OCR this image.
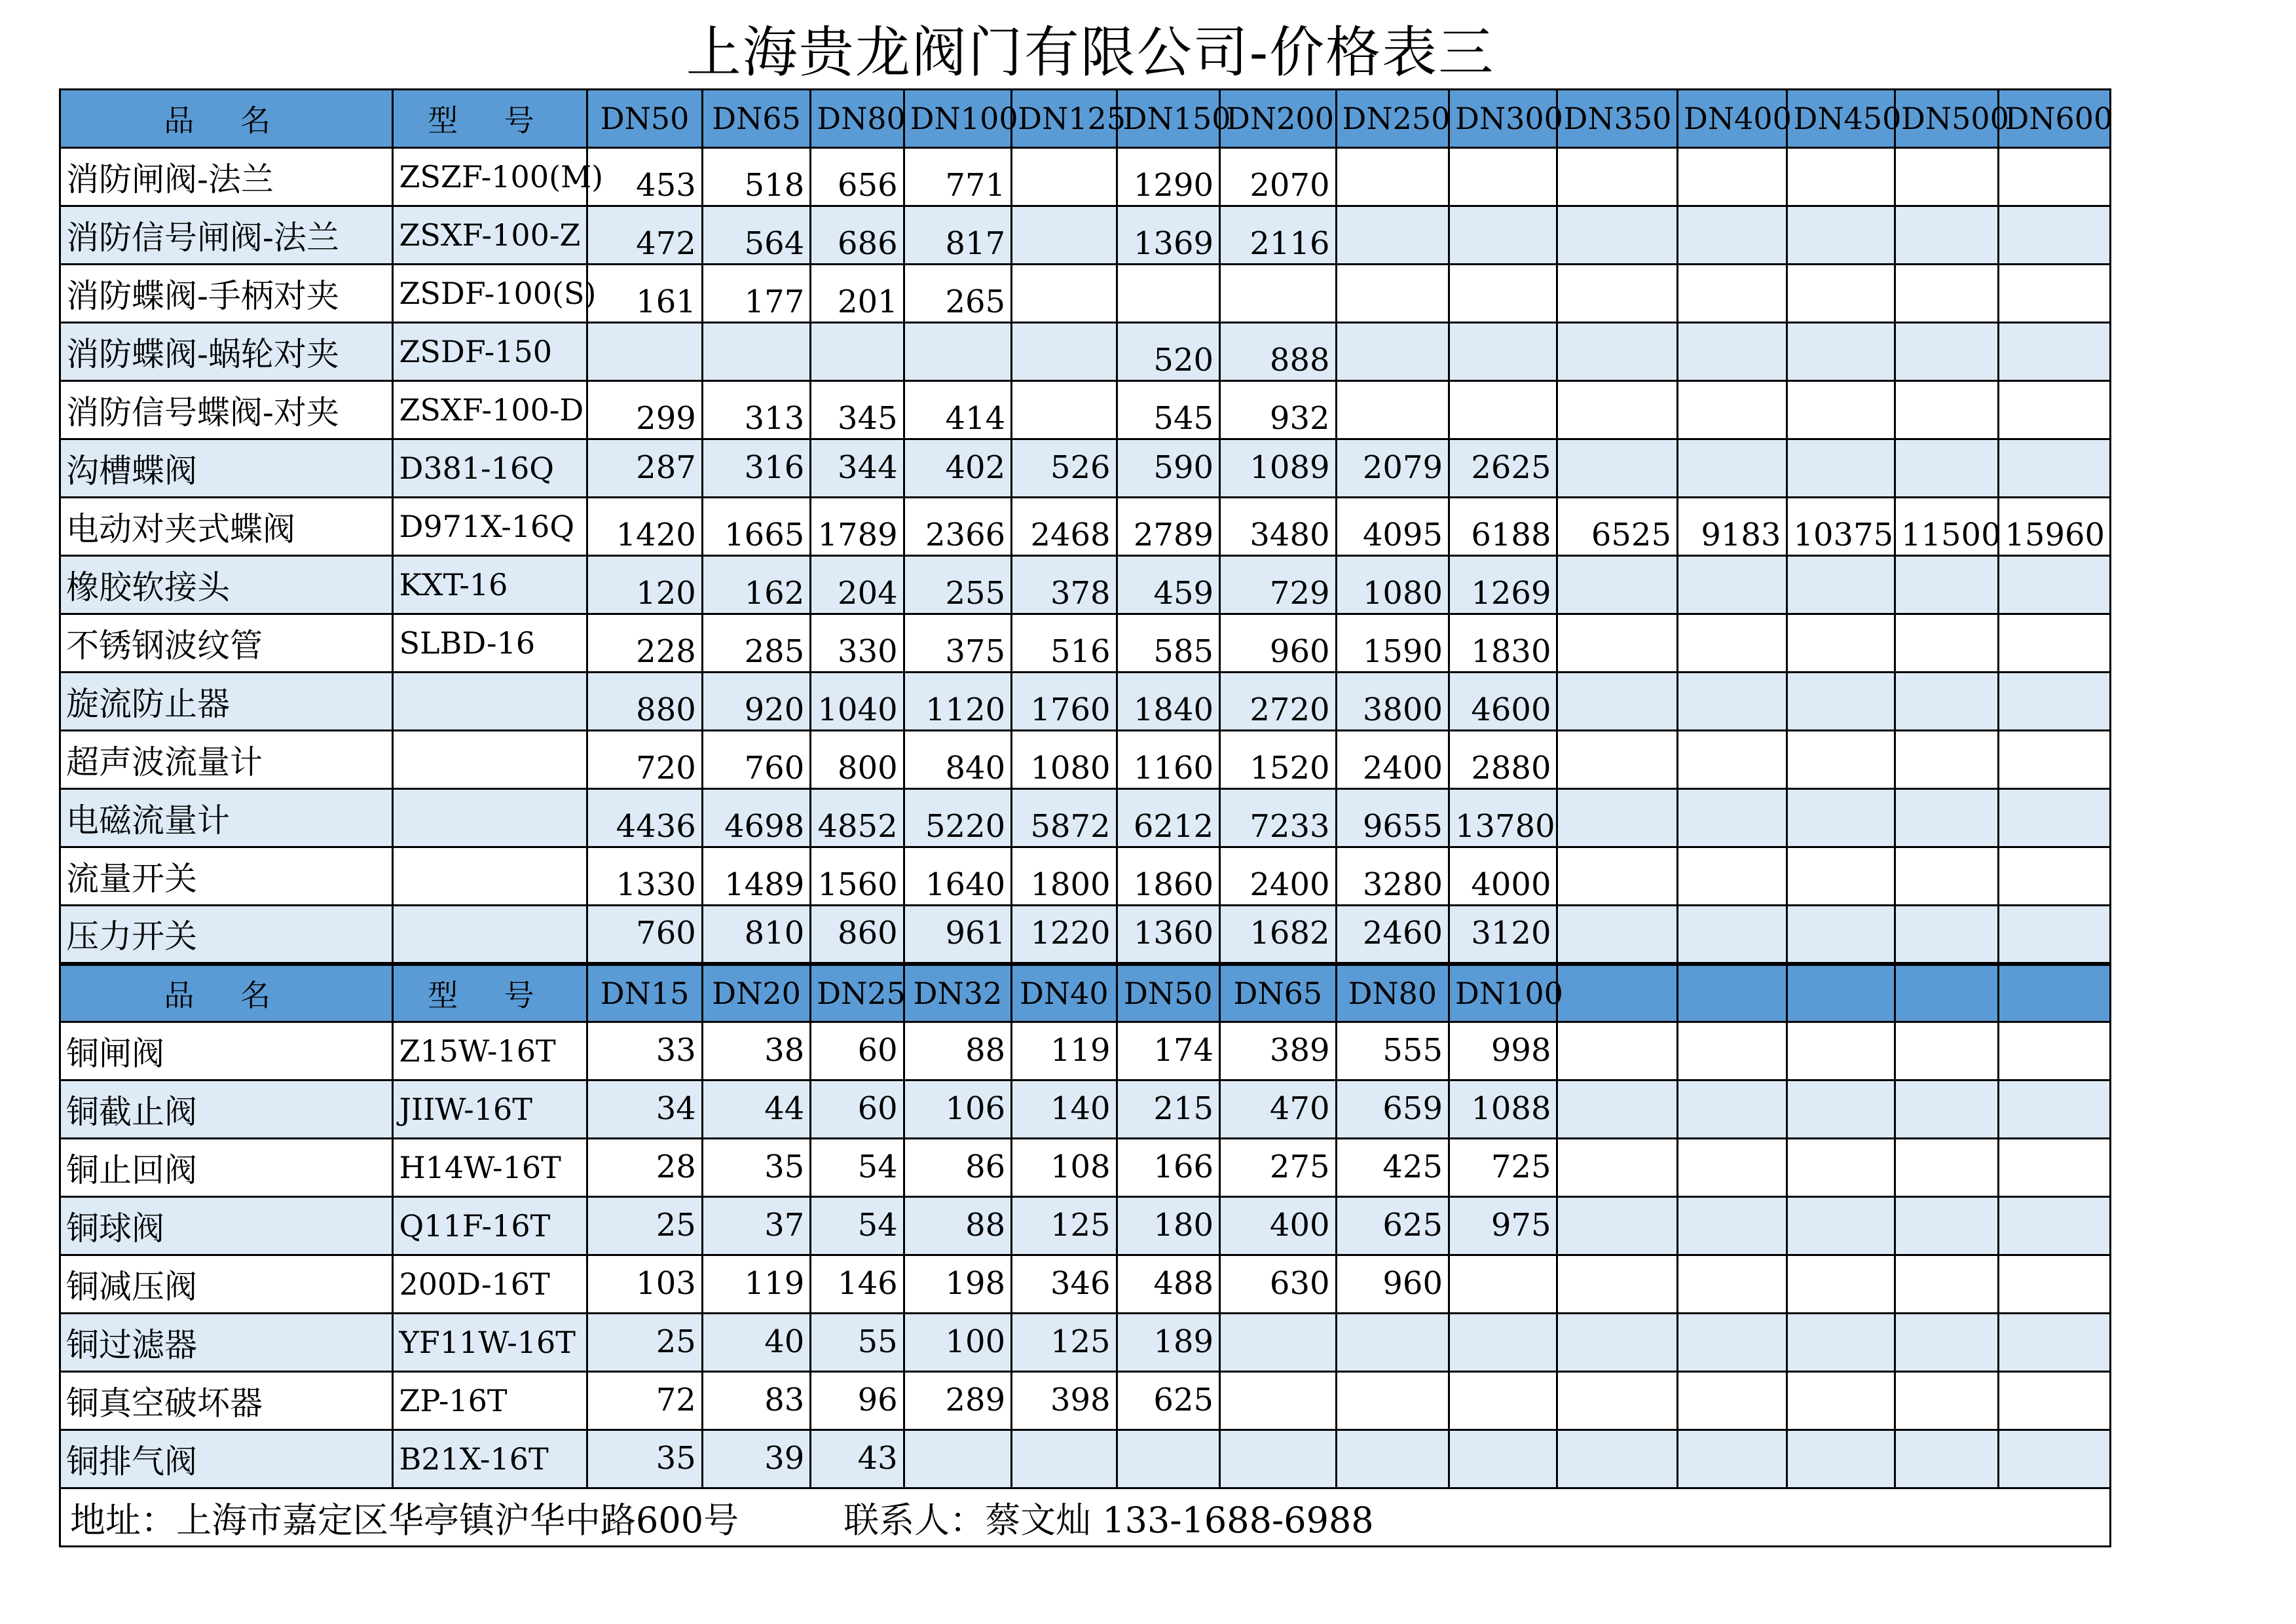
上海贵龙阀门有限公司-价格表三
品 名	型 号	DN50	DN65	DN80	DN100	DN125	DN150	DN200	DN250	DN300	DN350	DN400	DN450	DN500	DN600
消防闸阀-法兰	ZSZF-100(M)	453	518	656	771		1290	2070							
消防信号闸阀-法兰	ZSXF-100-Z	472	564	686	817		1369	2116							
消防蝶阀-手柄对夹	ZSDF-100(S)	161	177	201	265										
消防蝶阀-蜗轮对夹	ZSDF-150						520	888							
消防信号蝶阀-对夹	ZSXF-100-D	299	313	345	414		545	932							
沟槽蝶阀	D381-16Q	287	316	344	402	526	590	1089	2079	2625					
电动对夹式蝶阀	D971X-16Q	1420	1665	1789	2366	2468	2789	3480	4095	6188	6525	9183	10375	11500	15960
橡胶软接头	KXT-16	120	162	204	255	378	459	729	1080	1269					
不锈钢波纹管	SLBD-16	228	285	330	375	516	585	960	1590	1830					
旋流防止器		880	920	1040	1120	1760	1840	2720	3800	4600					
超声波流量计		720	760	800	840	1080	1160	1520	2400	2880					
电磁流量计		4436	4698	4852	5220	5872	6212	7233	9655	13780					
流量开关		1330	1489	1560	1640	1800	1860	2400	3280	4000					
压力开关		760	810	860	961	1220	1360	1682	2460	3120					
品 名	型 号	DN15	DN20	DN25	DN32	DN40	DN50	DN65	DN80	DN100					
铜闸阀	Z15W-16T	33	38	60	88	119	174	389	555	998					
铜截止阀	JIIW-16T	34	44	60	106	140	215	470	659	1088					
铜止回阀	H14W-16T	28	35	54	86	108	166	275	425	725					
铜球阀	Q11F-16T	25	37	54	88	125	180	400	625	975					
铜减压阀	200D-16T	103	119	146	198	346	488	630	960						
铜过滤器	YF11W-16T	25	40	55	100	125	189								
铜真空破坏器	ZP-16T	72	83	96	289	398	625								
铜排气阀	B21X-16T	35	39	43											
地址：上海市嘉定区华亭镇沪华中路600号 联系人：蔡文灿 133-1688-6988															
